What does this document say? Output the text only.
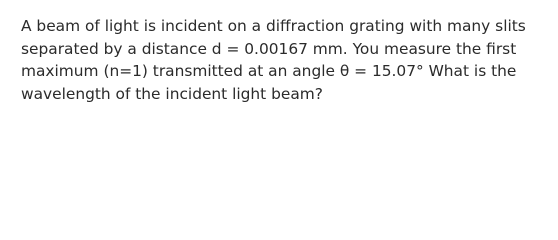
A beam of light is incident on a diffraction grating with many slits separated by a distance d = 0.00167 mm. You measure the first maximum (n=1) transmitted at an angle θ = 15.07° What is the wavelength of the incident light beam?
